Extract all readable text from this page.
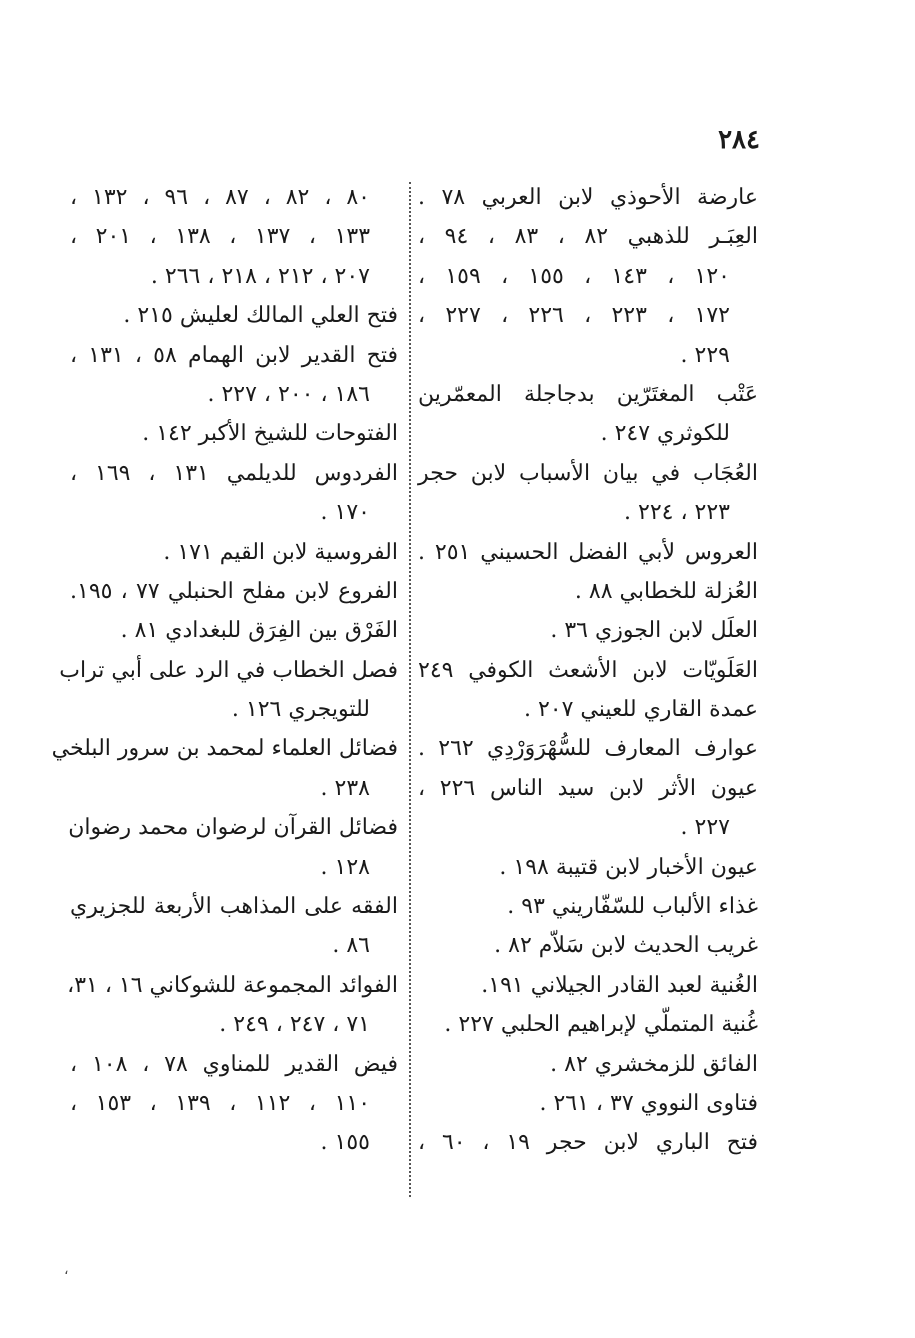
٢٨٤
عارضة الأحوذي لابن العربي ٧٨ .
العِبَـر للذهبي ٨٢ ، ٨٣ ، ٩٤ ،
١٢٠ ، ١٤٣ ، ١٥٥ ، ١٥٩ ،
١٧٢ ، ٢٢٣ ، ٢٢٦ ، ٢٢٧ ،
٢٢٩ .
عَتْب المغتَرّين بدجاجلة المعمّرين
للكوثري ٢٤٧ .
العُجَاب في بيان الأسباب لابن حجر
٢٢٣ ، ٢٢٤ .
العروس لأبي الفضل الحسيني ٢٥١ .
العُزلة للخطابي ٨٨ .
العلَل لابن الجوزي ٣٦ .
العَلَويّات لابن الأشعث الكوفي ٢٤٩
عمدة القاري للعيني ٢٠٧ .
عوارف المعارف للسُّهْرَوَرْدِي ٢٦٢ .
عيون الأثر لابن سيد الناس ٢٢٦ ،
٢٢٧ .
عيون الأخبار لابن قتيبة ١٩٨ .
غذاء الألباب للسّفّاريني ٩٣ .
غريب الحديث لابن سَلاّم ٨٢ .
الغُنية لعبد القادر الجيلاني ١٩١.
غُنية المتملّي لإبراهيم الحلبي ٢٢٧ .
الفائق للزمخشري ٨٢ .
فتاوى النووي ٣٧ ، ٢٦١ .
فتح الباري لابن حجر ١٩ ، ٦٠ ،
٨٠ ، ٨٢ ، ٨٧ ، ٩٦ ، ١٣٢ ،
١٣٣ ، ١٣٧ ، ١٣٨ ، ٢٠١ ،
٢٠٧ ، ٢١٢ ، ٢١٨ ، ٢٦٦ .
فتح العلي المالك لعليش ٢١٥ .
فتح القدير لابن الهمام ٥٨ ، ١٣١ ،
١٨٦ ، ٢٠٠ ، ٢٢٧ .
الفتوحات للشيخ الأكبر ١٤٢ .
الفردوس للديلمي ١٣١ ، ١٦٩ ،
١٧٠ .
الفروسية لابن القيم ١٧١ .
الفروع لابن مفلح الحنبلي ٧٧ ، ١٩٥.
الفَرْق بين الفِرَق للبغدادي ٨١ .
فصل الخطاب في الرد على أبي تراب
للتويجري ١٢٦ .
فضائل العلماء لمحمد بن سرور البلخي
٢٣٨ .
فضائل القرآن لرضوان محمد رضوان
١٢٨ .
الفقه على المذاهب الأربعة للجزيري
٨٦ .
الفوائد المجموعة للشوكاني ١٦ ، ٣١،
٧١ ، ٢٤٧ ، ٢٤٩ .
فيض القدير للمناوي ٧٨ ، ١٠٨ ،
١١٠ ، ١١٢ ، ١٣٩ ، ١٥٣ ،
١٥٥ .
،
